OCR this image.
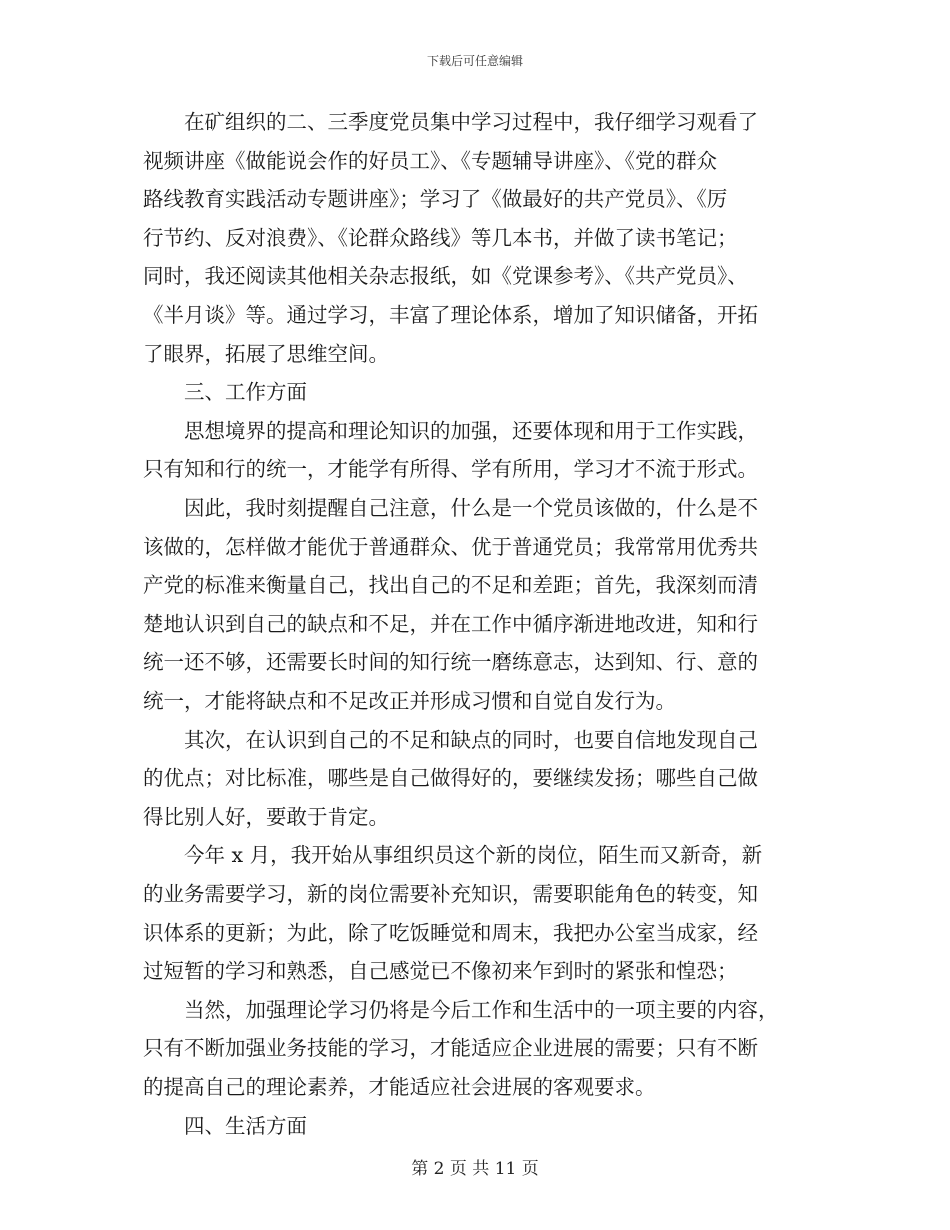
下载后可任意编辑
　　在矿组织的二、三季度党员集中学习过程中，我仔细学习观看了
视频讲座《做能说会作的好员工》、《专题辅导讲座》、《党的群众
路线教育实践活动专题讲座》；学习了《做最好的共产党员》、《厉
行节约、反对浪费》、《论群众路线》等几本书，并做了读书笔记；
同时，我还阅读其他相关杂志报纸，如《党课参考》、《共产党员》、
《半月谈》等。通过学习，丰富了理论体系，增加了知识储备，开拓
了眼界，拓展了思维空间。
　　三、工作方面
　　思想境界的提高和理论知识的加强，还要体现和用于工作实践，
只有知和行的统一，才能学有所得、学有所用，学习才不流于形式。
　　因此，我时刻提醒自己注意，什么是一个党员该做的，什么是不
该做的，怎样做才能优于普通群众、优于普通党员；我常常用优秀共
产党的标准来衡量自己，找出自己的不足和差距；首先，我深刻而清
楚地认识到自己的缺点和不足，并在工作中循序渐进地改进，知和行
统一还不够，还需要长时间的知行统一磨练意志，达到知、行、意的
统一，才能将缺点和不足改正并形成习惯和自觉自发行为。
　　其次，在认识到自己的不足和缺点的同时，也要自信地发现自己
的优点；对比标准，哪些是自己做得好的，要继续发扬；哪些自己做
得比别人好，要敢于肯定。
　　今年 x 月，我开始从事组织员这个新的岗位，陌生而又新奇，新
的业务需要学习，新的岗位需要补充知识，需要职能角色的转变，知
识体系的更新；为此，除了吃饭睡觉和周末，我把办公室当成家，经
过短暂的学习和熟悉，自己感觉已不像初来乍到时的紧张和惶恐；
　　当然，加强理论学习仍将是今后工作和生活中的一项主要的内容，
只有不断加强业务技能的学习，才能适应企业进展的需要；只有不断
的提高自己的理论素养，才能适应社会进展的客观要求。
　　四、生活方面
第 2 页 共 11 页
